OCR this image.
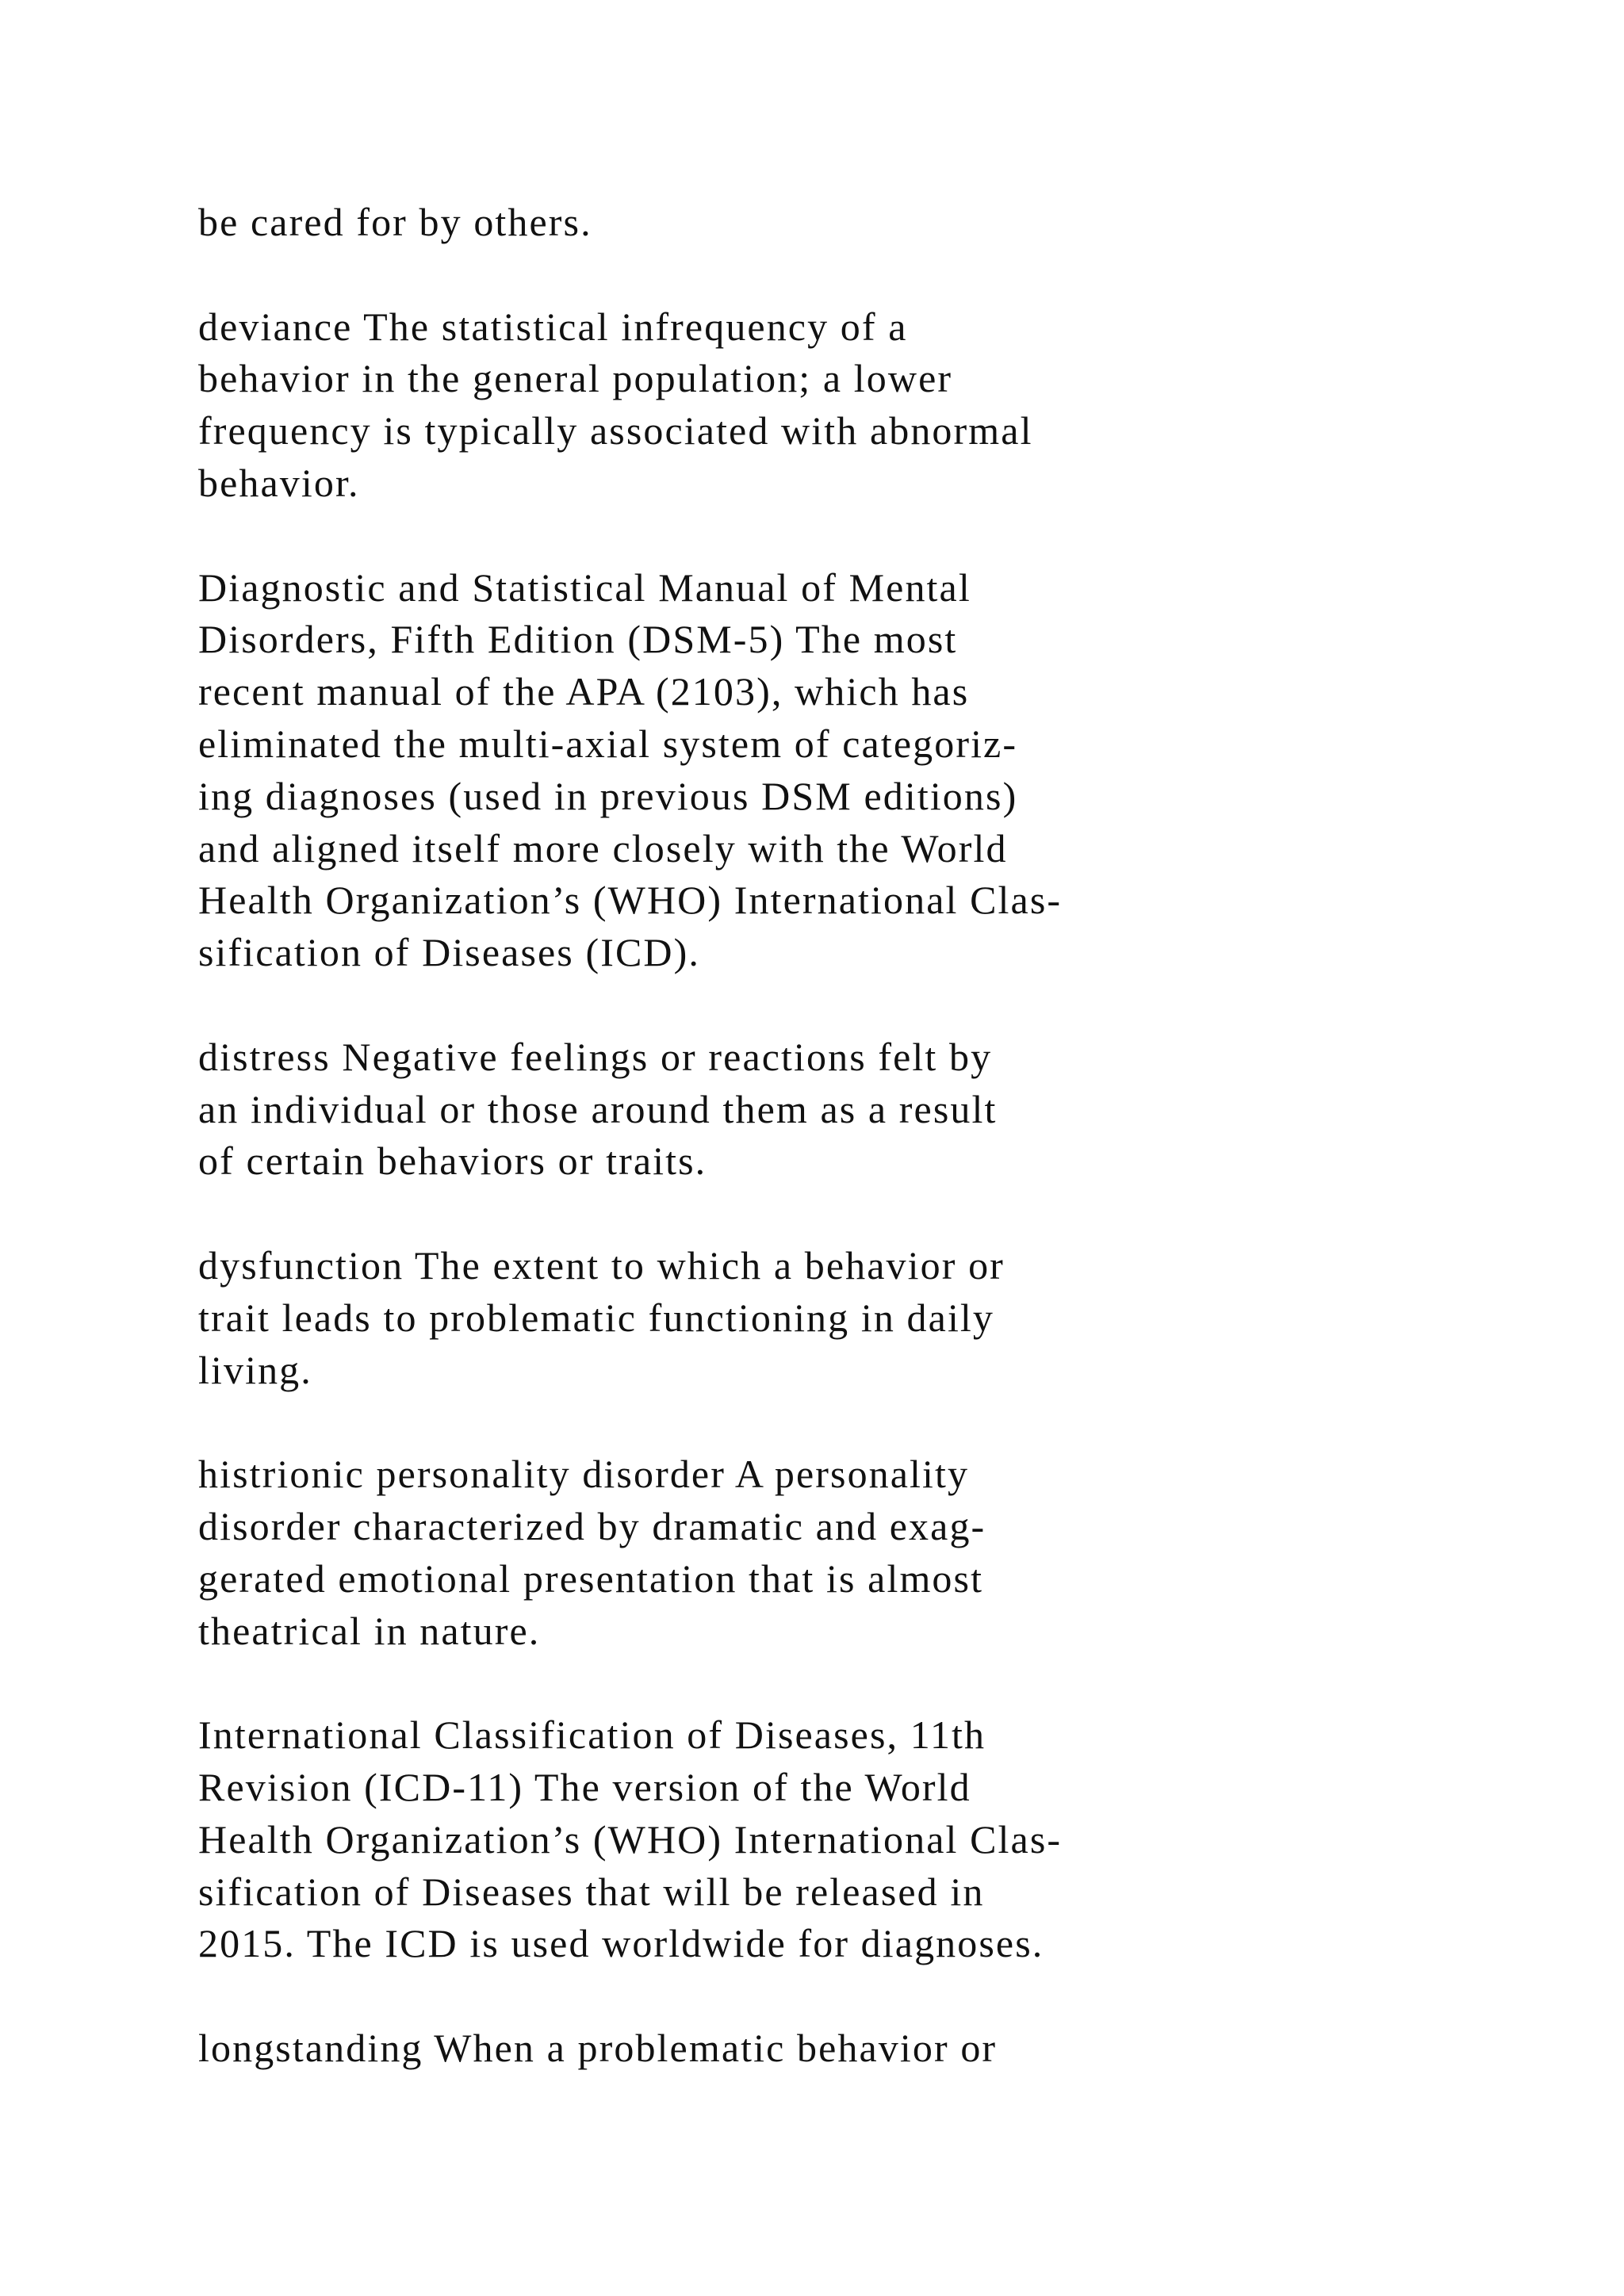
be cared for by others.

deviance The statistical infrequency of a
behavior in the general population; a lower
frequency is typically associated with abnormal
behavior.

Diagnostic and Statistical Manual of Mental
Disorders, Fifth Edition (DSM-5) The most
recent manual of the APA (2103), which has
eliminated the multi-axial system of categoriz-
ing diagnoses (used in previous DSM editions)
and aligned itself more closely with the World
Health Organization’s (WHO) International Clas-
sification of Diseases (ICD).

distress Negative feelings or reactions felt by
an individual or those around them as a result
of certain behaviors or traits.

dysfunction The extent to which a behavior or
trait leads to problematic functioning in daily
living.

histrionic personality disorder A personality
disorder characterized by dramatic and exag-
gerated emotional presentation that is almost
theatrical in nature.

International Classification of Diseases, 11th
Revision (ICD-11) The version of the World
Health Organization’s (WHO) International Clas-
sification of Diseases that will be released in
2015. The ICD is used worldwide for diagnoses.

longstanding When a problematic behavior or
